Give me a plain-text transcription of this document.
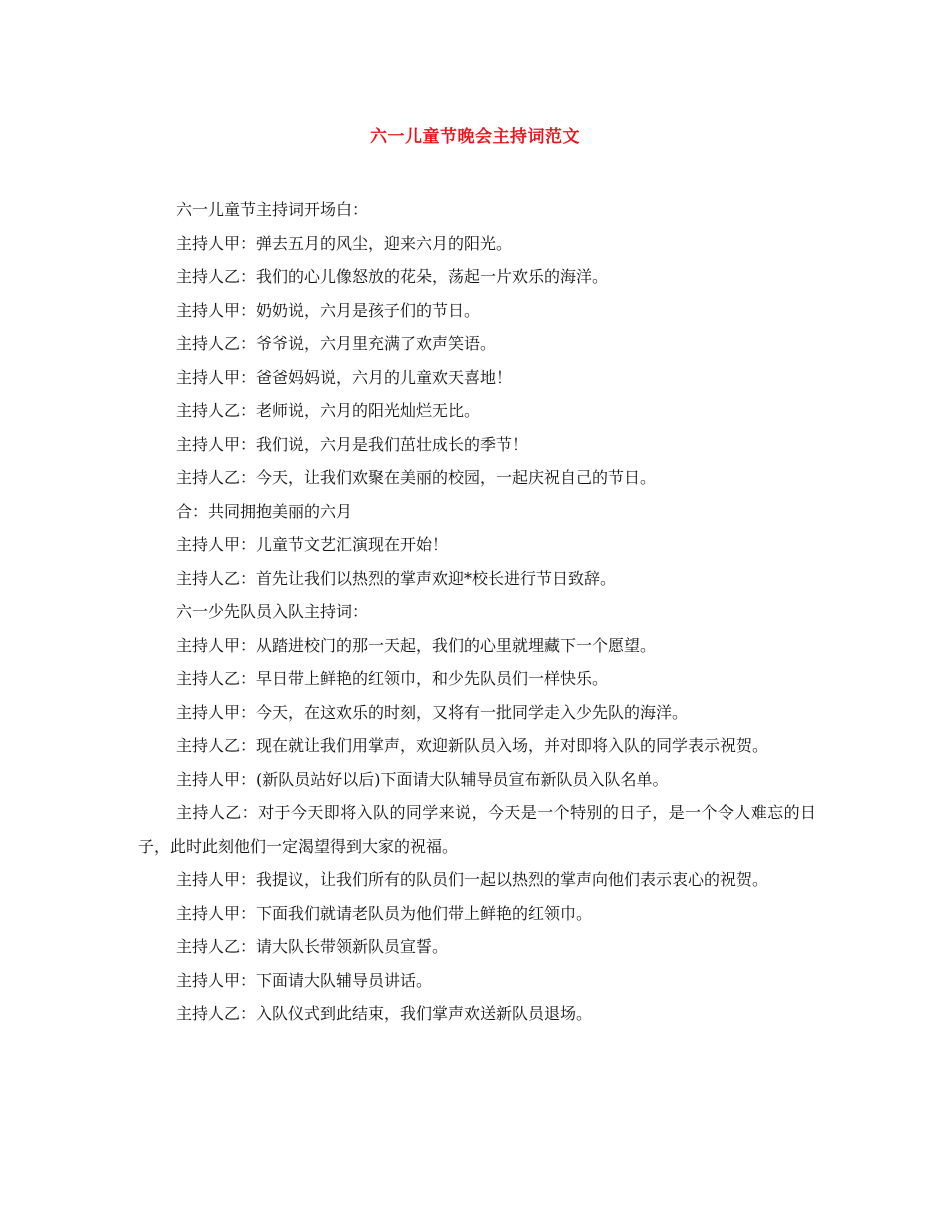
六一儿童节晚会主持词范文

六一儿童节主持词开场白：

主持人甲：弹去五月的风尘，迎来六月的阳光。

主持人乙：我们的心儿像怒放的花朵，荡起一片欢乐的海洋。

主持人甲：奶奶说，六月是孩子们的节日。

主持人乙：爷爷说，六月里充满了欢声笑语。

主持人甲：爸爸妈妈说，六月的儿童欢天喜地！

主持人乙：老师说，六月的阳光灿烂无比。

主持人甲：我们说，六月是我们茁壮成长的季节！

主持人乙：今天，让我们欢聚在美丽的校园，一起庆祝自己的节日。

合：共同拥抱美丽的六月

主持人甲：儿童节文艺汇演现在开始！

主持人乙：首先让我们以热烈的掌声欢迎*校长进行节日致辞。

六一少先队员入队主持词：

主持人甲：从踏进校门的那一天起，我们的心里就埋藏下一个愿望。

主持人乙：早日带上鲜艳的红领巾，和少先队员们一样快乐。

主持人甲：今天，在这欢乐的时刻，又将有一批同学走入少先队的海洋。

主持人乙：现在就让我们用掌声，欢迎新队员入场，并对即将入队的同学表示祝贺。

主持人甲：(新队员站好以后)下面请大队辅导员宣布新队员入队名单。

主持人乙：对于今天即将入队的同学来说，今天是一个特别的日子，是一个令人难忘的日子，此时此刻他们一定渴望得到大家的祝福。

主持人甲：我提议，让我们所有的队员们一起以热烈的掌声向他们表示衷心的祝贺。

主持人甲：下面我们就请老队员为他们带上鲜艳的红领巾。

主持人乙：请大队长带领新队员宣誓。

主持人甲：下面请大队辅导员讲话。

主持人乙：入队仪式到此结束，我们掌声欢送新队员退场。
